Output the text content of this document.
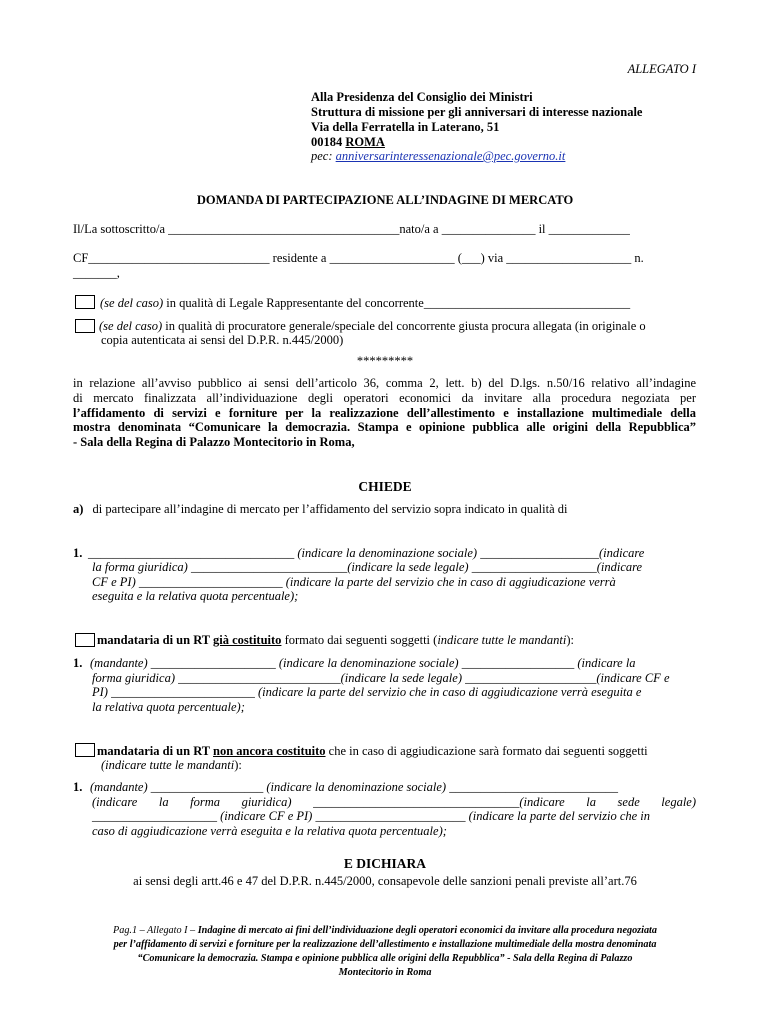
ALLEGATO I
Alla Presidenza del Consiglio dei Ministri
Struttura di missione per gli anniversari di interesse nazionale
Via della Ferratella in Laterano, 51
00184 ROMA
pec: anniversarinteressenazionale@pec.governo.it
DOMANDA DI PARTECIPAZIONE ALL’INDAGINE DI MERCATO
Il/La sottoscritto/a _____________________________________nato/a a _______________ il _____________
CF_____________________________ residente a ____________________ (___) via ____________________ n.
_______,
(se del caso) in qualità di Legale Rappresentante del concorrente_________________________________
(se del caso) in qualità di procuratore generale/speciale del concorrente giusta procura allegata (in originale o
copia autenticata ai sensi del D.P.R. n.445/2000)
*********
in relazione all’avviso pubblico ai sensi dell’articolo 36, comma 2, lett. b) del D.lgs. n.50/16 relativo all’indagine
di mercato finalizzata all’individuazione degli operatori economici da invitare alla procedura negoziata per
l’affidamento di servizi e forniture per la realizzazione dell’allestimento e installazione multimediale della
mostra denominata “Comunicare la democrazia. Stampa e opinione pubblica alle origini della Repubblica”
- Sala della Regina di Palazzo Montecitorio in Roma,
CHIEDE
a) di partecipare all’indagine di mercato per l’affidamento del servizio sopra indicato in qualità di
1. _________________________________ (indicare la denominazione sociale) ___________________(indicare
la forma giuridica) _________________________(indicare la sede legale) ____________________(indicare
CF e PI) _______________________ (indicare la parte del servizio che in caso di aggiudicazione verrà
eseguita e la relativa quota percentuale);
mandataria di un RT già costituito formato dai seguenti soggetti (indicare tutte le mandanti):
1. (mandante) ____________________ (indicare la denominazione sociale) __________________ (indicare la
forma giuridica) __________________________(indicare la sede legale) _____________________(indicare CF e
PI) _______________________ (indicare la parte del servizio che in caso di aggiudicazione verrà eseguita e
la relativa quota percentuale);
mandataria di un RT non ancora costituito che in caso di aggiudicazione sarà formato dai seguenti soggetti
(indicare tutte le mandanti):
1. (mandante) __________________ (indicare la denominazione sociale) ___________________________
(indicare la forma giuridica) _________________________________(indicare la sede legale)
____________________ (indicare CF e PI) ________________________ (indicare la parte del servizio che in
caso di aggiudicazione verrà eseguita e la relativa quota percentuale);
E DICHIARA
ai sensi degli artt.46 e 47 del D.P.R. n.445/2000, consapevole delle sanzioni penali previste all’art.76
Pag.1 – Allegato I – Indagine di mercato ai fini dell’individuazione degli operatori economici da invitare alla procedura negoziata
per l’affidamento di servizi e forniture per la realizzazione dell’allestimento e installazione multimediale della mostra denominata
“Comunicare la democrazia. Stampa e opinione pubblica alle origini della Repubblica” - Sala della Regina di Palazzo
Montecitorio in Roma
